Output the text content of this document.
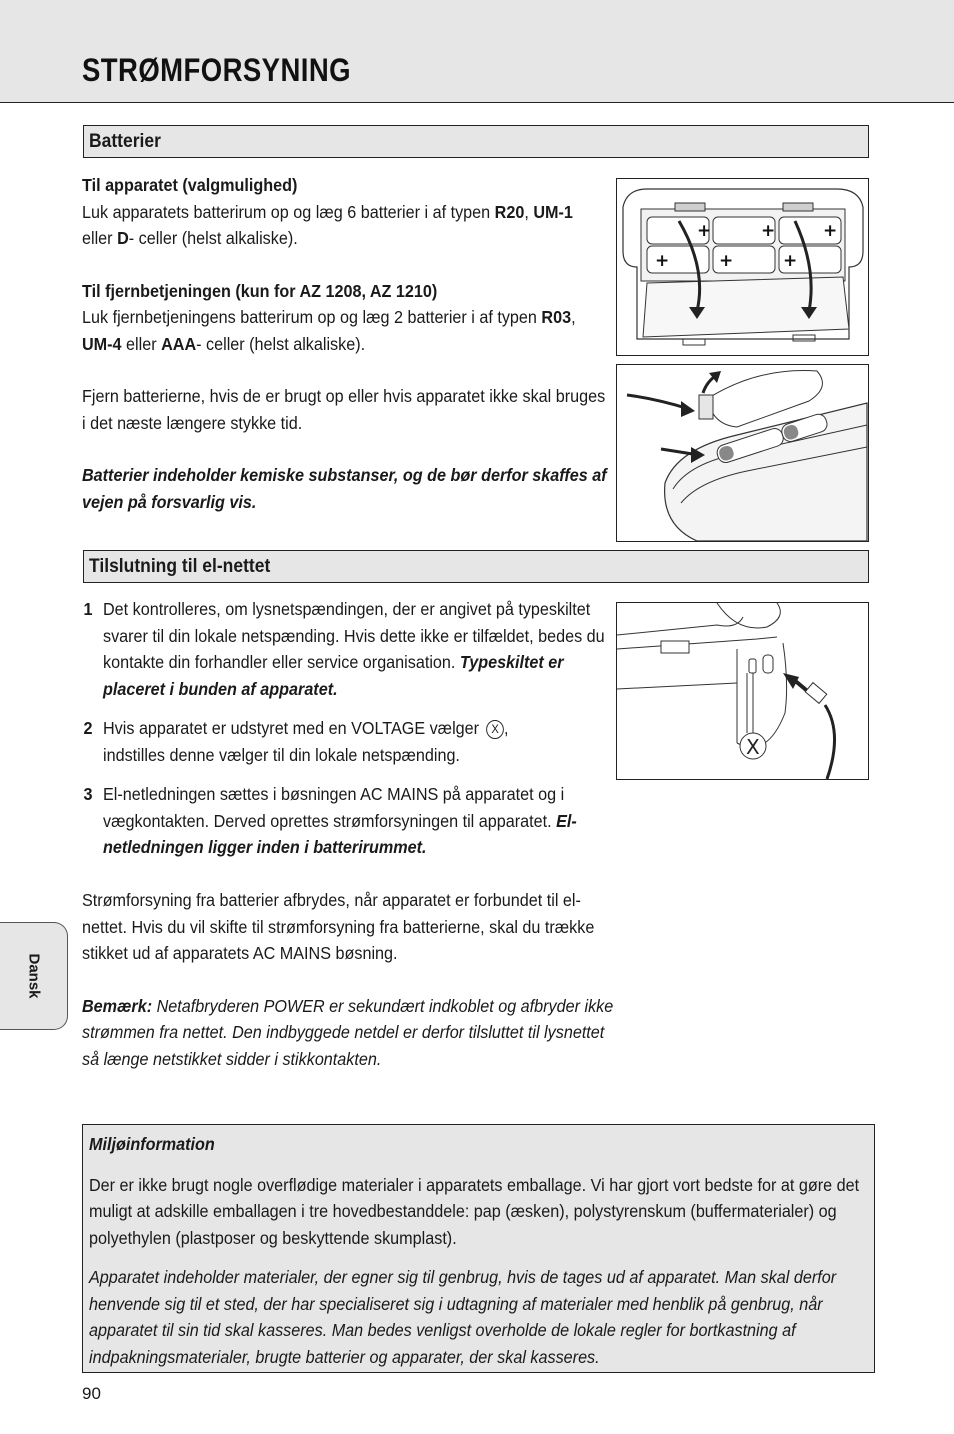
STRØMFORSYNING
Batterier

Til apparatet (valgmulighed)

Luk apparatets batterirum op og læg 6 batterier i af typen R20, UM-1 eller D- celler (helst alkaliske).

Til fjernbetjeningen (kun for AZ 1208, AZ 1210)

Luk fjernbetjeningens batterirum op og læg 2 batterier i af typen R03, UM-4 eller AAA- celler (helst alkaliske).

Fjern batterierne, hvis de er brugt op eller hvis apparatet ikke skal bruges i det næste længere stykke tid.

Batterier indeholder kemiske substanser, og de bør derfor skaffes af vejen på forsvarlig vis.

+	+	+
+	+	+
Tilslutning til el-nettet
1 Det kontrolleres, om lysnetspændingen, der er angivet på typeskiltet svarer til din lokale netspænding. Hvis dette ikke er tilfældet, bedes du kontakte din forhandler eller service organisation. Typeskiltet er placeret i bunden af apparatet.

2 Hvis apparatet er udstyret med en VOLTAGE vælger X ,
indstilles denne vælger til din lokale netspænding.

3 El-netledningen sættes i bøsningen AC MAINS på apparatet og i vægkontakten. Derved oprettes strømforsyningen til apparatet. El-netledningen ligger inden i batterirummet.

Strømforsyning fra batterier afbrydes, når apparatet er forbundet til el-nettet. Hvis du vil skifte til strømforsyning fra batterierne, skal du trække stikket ud af apparatets AC MAINS bøsning.

Bemærk: Netafbryderen POWER er sekundært indkoblet og afbryder ikke strømmen fra nettet. Den indbyggede netdel er derfor tilsluttet til lysnettet så længe netstikket sidder i stikkontakten.

X
Dansk

Miljøinformation

Der er ikke brugt nogle overflødige materialer i apparatets emballage. Vi har gjort vort bedste for at gøre det muligt at adskille emballagen i tre hovedbestanddele: pap (æsken), polystyrenskum (buffermaterialer) og polyethylen (plastposer og beskyttende skumplast).

Apparatet indeholder materialer, der egner sig til genbrug, hvis de tages ud af apparatet. Man skal derfor henvende sig til et sted, der har specialiseret sig i udtagning af materialer med henblik på genbrug, når apparatet til sin tid skal kasseres. Man bedes venligst overholde de lokale regler for bortkastning af indpakningsmaterialer, brugte batterier og apparater, der skal kasseres.

90
